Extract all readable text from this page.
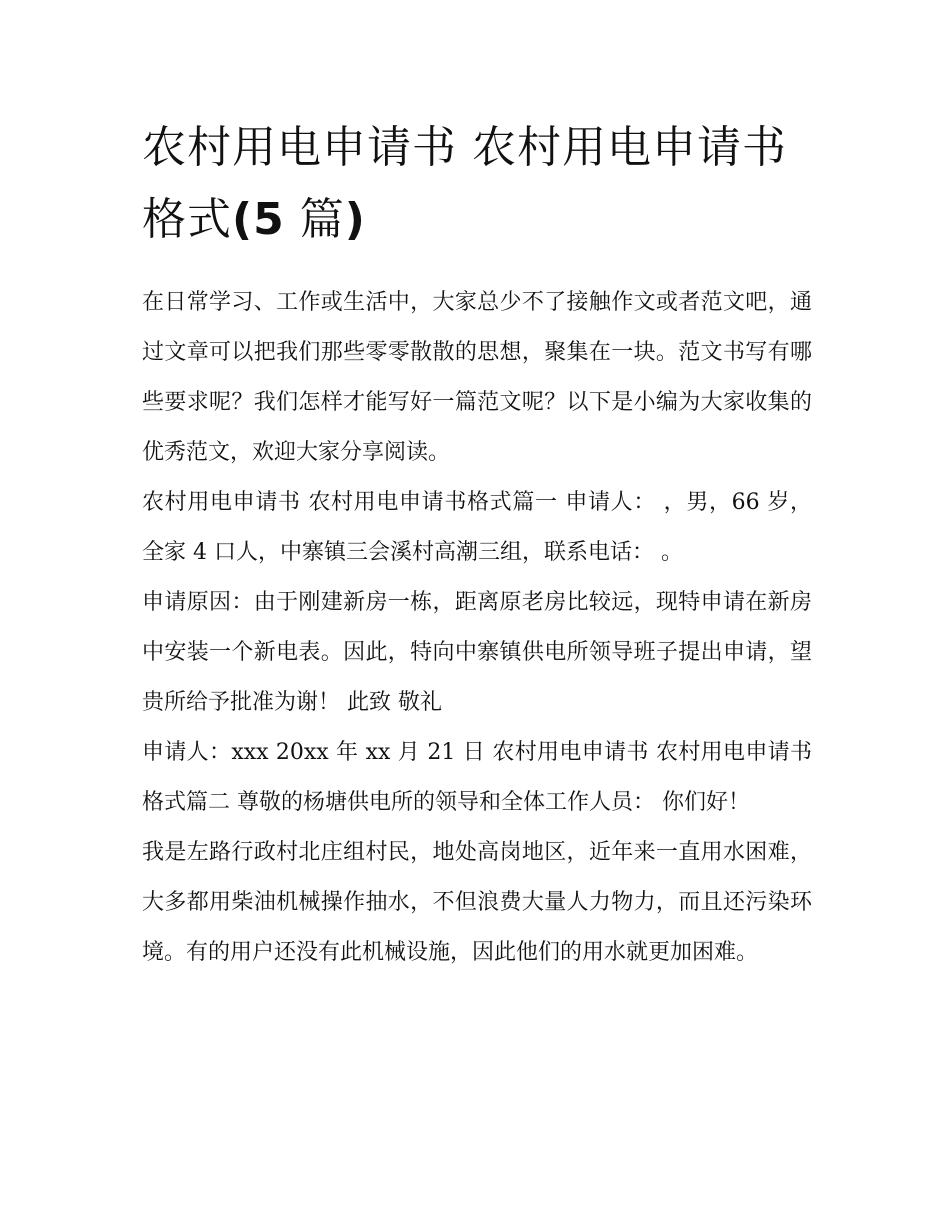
农村用电申请书 农村用电申请书格式(5 篇)

在日常学习、工作或生活中，大家总少不了接触作文或者范文吧，通过文章可以把我们那些零零散散的思想，聚集在一块。范文书写有哪些要求呢？我们怎样才能写好一篇范文呢？以下是小编为大家收集的优秀范文，欢迎大家分享阅读。

农村用电申请书 农村用电申请书格式篇一 申请人： ，男，66 岁，全家 4 口人，中寨镇三会溪村高潮三组，联系电话： 。

申请原因：由于刚建新房一栋，距离原老房比较远，现特申请在新房中安装一个新电表。因此，特向中寨镇供电所领导班子提出申请，望贵所给予批准为谢！ 此致 敬礼

申请人：xxx 20xx 年 xx 月 21 日 农村用电申请书 农村用电申请书格式篇二 尊敬的杨塘供电所的领导和全体工作人员： 你们好！

我是左路行政村北庄组村民，地处高岗地区，近年来一直用水困难，大多都用柴油机械操作抽水，不但浪费大量人力物力，而且还污染环境。有的用户还没有此机械设施，因此他们的用水就更加困难。
